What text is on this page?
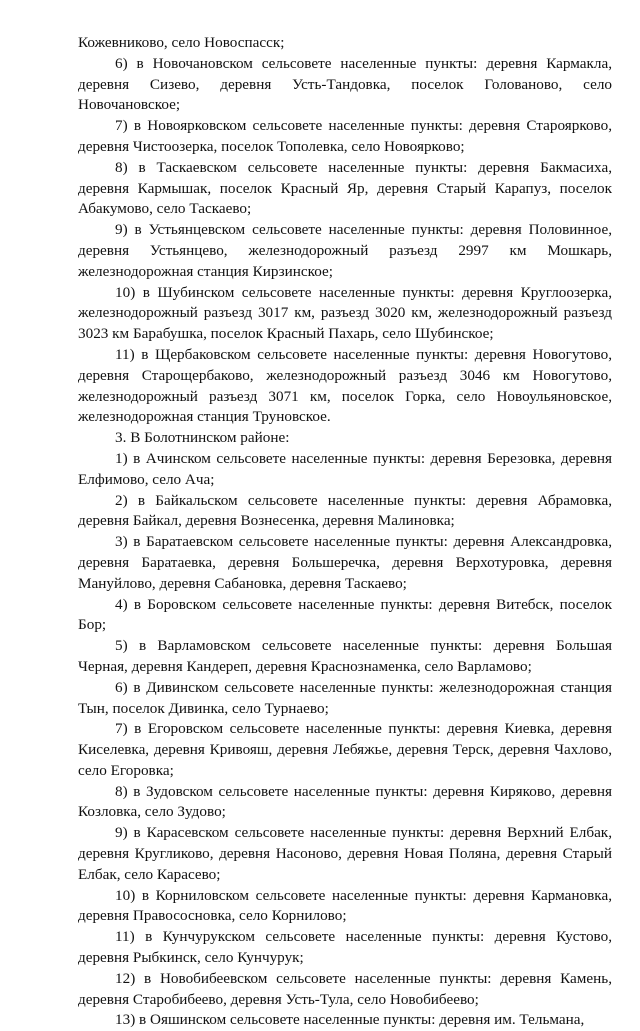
Кожевниково, село Новоспасск;

6) в Новочановском сельсовете населенные пункты: деревня Кармакла, деревня Сизево, деревня Усть-Тандовка, поселок Голованово, село Новочановское;

7) в Новоярковском сельсовете населенные пункты: деревня Староярково, деревня Чистоозерка, поселок Тополевка, село Новоярково;

8) в Таскаевском сельсовете населенные пункты: деревня Бакмасиха, деревня Кармышак, поселок Красный Яр, деревня Старый Карапуз, поселок Абакумово, село Таскаево;

9) в Устьянцевском сельсовете населенные пункты: деревня Половинное, деревня Устьянцево, железнодорожный разъезд 2997 км Мошкарь, железнодорожная станция Кирзинское;

10) в Шубинском сельсовете населенные пункты: деревня Круглоозерка, железнодорожный разъезд 3017 км, разъезд 3020 км, железнодорожный разъезд 3023 км Барабушка, поселок Красный Пахарь, село Шубинское;

11) в Щербаковском сельсовете населенные пункты: деревня Новогутово, деревня Старощербаково, железнодорожный разъезд 3046 км Новогутово, железнодорожный разъезд 3071 км, поселок Горка, село Новоульяновское, железнодорожная станция Труновское.

3. В Болотнинском районе:

1) в Ачинском сельсовете населенные пункты: деревня Березовка, деревня Елфимово, село Ача;

2) в Байкальском сельсовете населенные пункты: деревня Абрамовка, деревня Байкал, деревня Вознесенка, деревня Малиновка;

3) в Баратаевском сельсовете населенные пункты: деревня Александровка, деревня Баратаевка, деревня Большеречка, деревня Верхотуровка, деревня Мануйлово, деревня Сабановка, деревня Таскаево;

4) в Боровском сельсовете населенные пункты: деревня Витебск, поселок Бор;

5) в Варламовском сельсовете населенные пункты: деревня Большая Черная, деревня Кандереп, деревня Краснознаменка, село Варламово;

6) в Дивинском сельсовете населенные пункты: железнодорожная станция Тын, поселок Дивинка, село Турнаево;

7) в Егоровском сельсовете населенные пункты: деревня Киевка, деревня Киселевка, деревня Кривояш, деревня Лебяжье, деревня Терск, деревня Чахлово, село Егоровка;

8) в Зудовском сельсовете населенные пункты: деревня Киряково, деревня Козловка, село Зудово;

9) в Карасевском сельсовете населенные пункты: деревня Верхний Елбак, деревня Кругликово, деревня Насоново, деревня Новая Поляна, деревня Старый Елбак, село Карасево;

10) в Корниловском сельсовете населенные пункты: деревня Кармановка, деревня Правососновка, село Корнилово;

11) в Кунчурукском сельсовете населенные пункты: деревня Кустово, деревня Рыбкинск, село Кунчурук;

12) в Новобибеевском сельсовете населенные пункты: деревня Камень, деревня Старобибеево, деревня Усть-Тула, село Новобибеево;

13) в Ояшинском сельсовете населенные пункты: деревня им. Тельмана,
